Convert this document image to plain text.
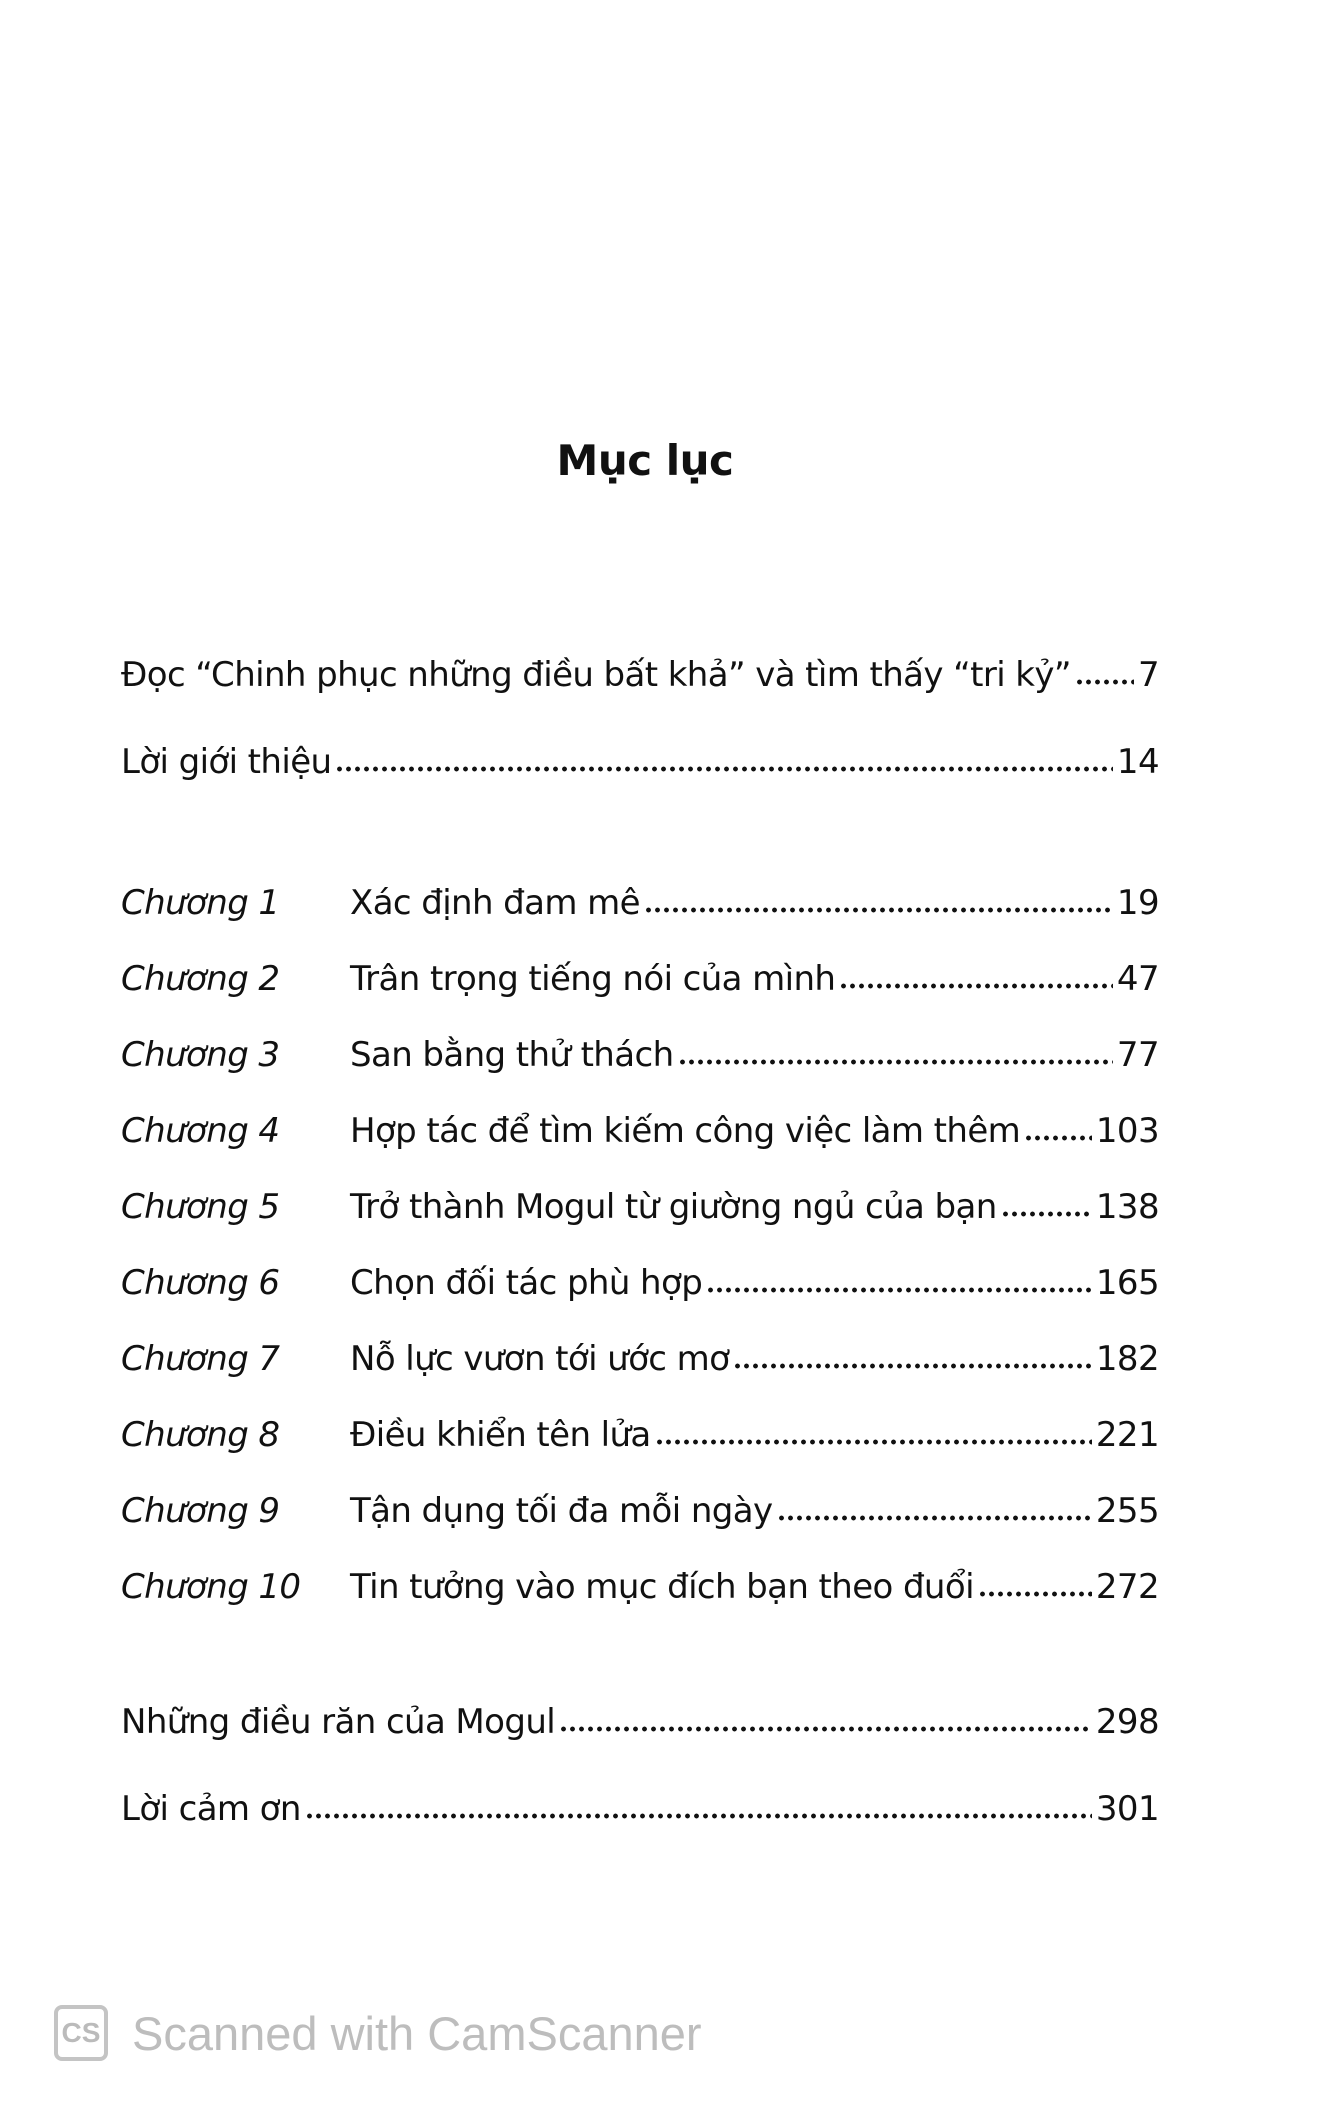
Mục lục
Đọc “Chinh phục những điều bất khả” và tìm thấy “tri kỷ” 7
Lời giới thiệu	14
Chương 1	Xác định đam mê	19
Chương 2	Trân trọng tiếng nói của mình	47
Chương 3	San bằng thử thách	77
Chương 4	Hợp tác để tìm kiếm công việc làm thêm 103
Chương 5	Trở thành Mogul từ giường ngủ của bạn	138
Chương 6	Chọn đối tác phù hợp	165
Chương 7	Nỗ lực vươn tới ước mơ	182
Chương 8	Điều khiển tên lửa	221
Chương 9	Tận dụng tối đa mỗi ngày	255
Chương 10	Tin tưởng vào mục đích bạn theo đuổi	272
Những điều răn của Mogul	298
Lời cảm ơn	301
CS Scanned with CamScanner
